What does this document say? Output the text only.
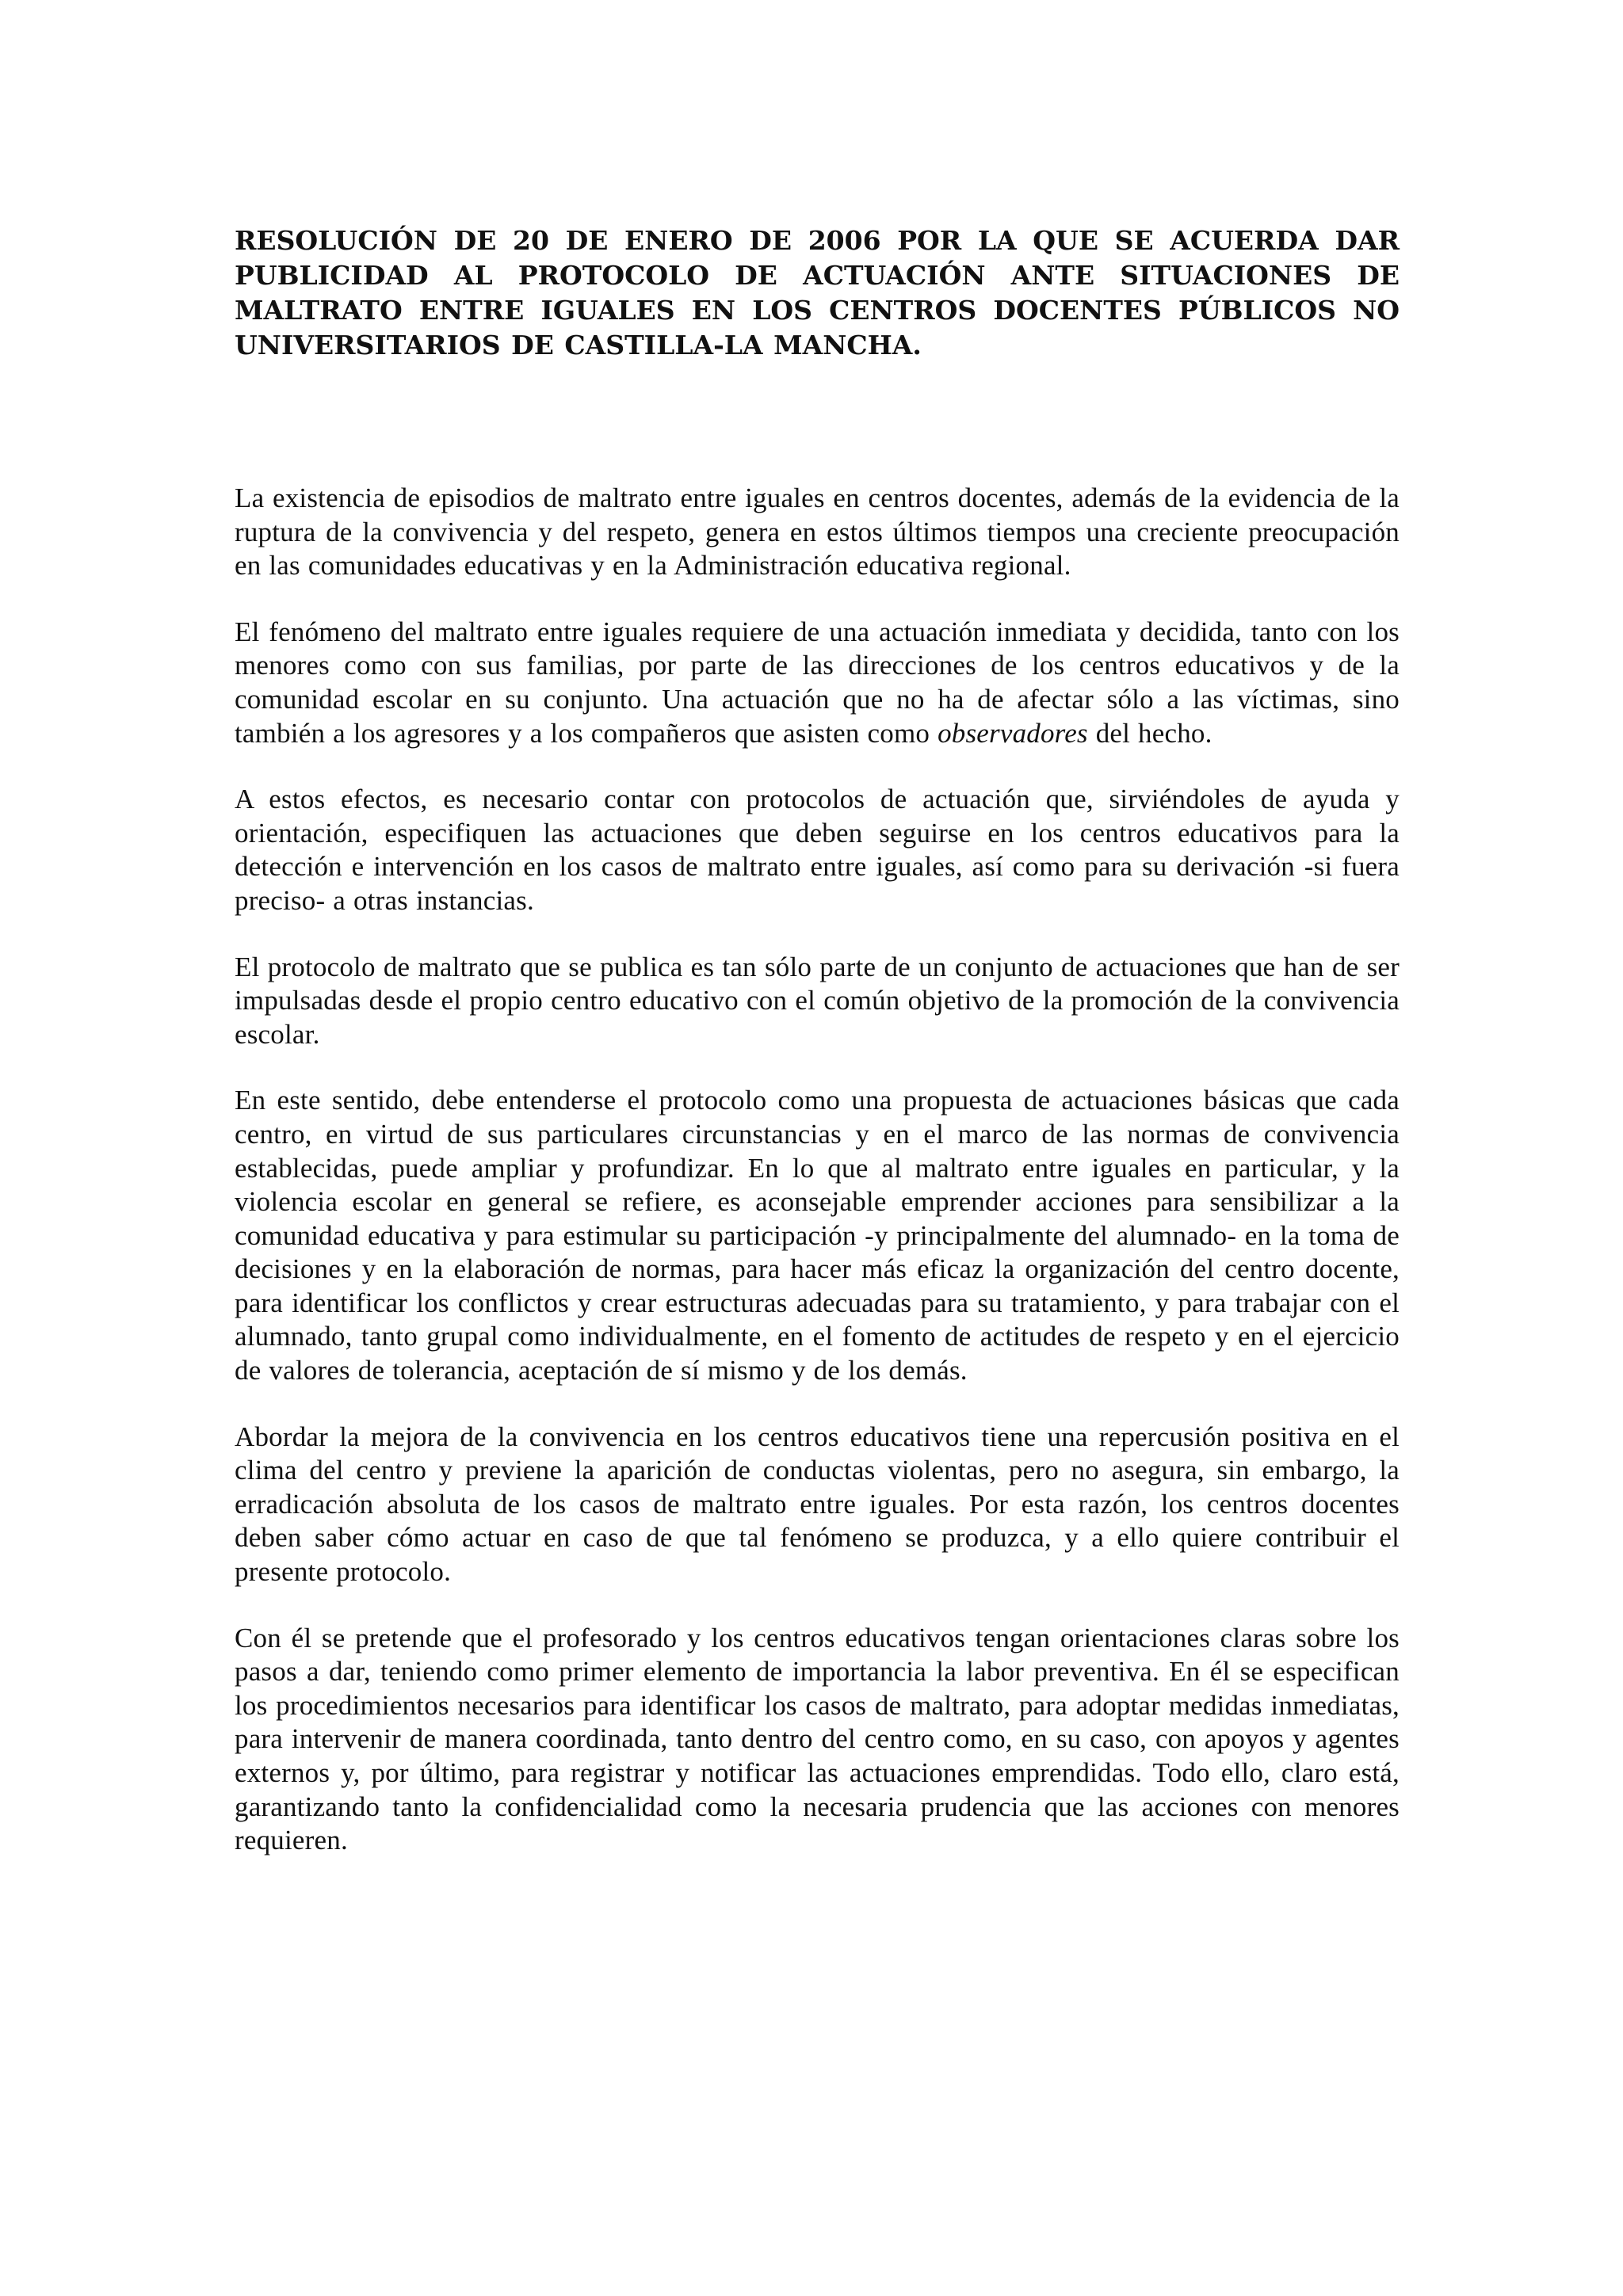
RESOLUCIÓN DE 20 DE ENERO DE 2006 POR LA QUE SE ACUERDA DAR PUBLICIDAD AL PROTOCOLO DE ACTUACIÓN ANTE SITUACIONES DE MALTRATO ENTRE IGUALES EN LOS CENTROS DOCENTES PÚBLICOS NO UNIVERSITARIOS DE CASTILLA-LA MANCHA.

La existencia de episodios de maltrato entre iguales en centros docentes, además de la evidencia de la ruptura de la convivencia y del respeto, genera en estos últimos tiempos una creciente preocupación en las comunidades educativas y en la Administración educativa regional.

El fenómeno del maltrato entre iguales requiere de una actuación inmediata y decidida, tanto con los menores como con sus familias, por parte de las direcciones de los centros educativos y de la comunidad escolar en su conjunto. Una actuación que no ha de afectar sólo a las víctimas, sino también a los agresores y a los compañeros que asisten como observadores del hecho.

A estos efectos, es necesario contar con protocolos de actuación que, sirviéndoles de ayuda y orientación, especifiquen las actuaciones que deben seguirse en los centros educativos para la detección e intervención en los casos de maltrato entre iguales, así como para su derivación -si fuera preciso- a otras instancias.

El protocolo de maltrato que se publica es tan sólo parte de un conjunto de actuaciones que han de ser impulsadas desde el propio centro educativo con el común objetivo de la promoción de la convivencia escolar.

En este sentido, debe entenderse el protocolo como una propuesta de actuaciones básicas que cada centro, en virtud de sus particulares circunstancias y en el marco de las normas de convivencia establecidas, puede ampliar y profundizar. En lo que al maltrato entre iguales en particular, y la violencia escolar en general se refiere, es aconsejable emprender acciones para sensibilizar a la comunidad educativa y para estimular su participación -y principalmente del alumnado- en la toma de decisiones y en la elaboración de normas, para hacer más eficaz la organización del centro docente, para identificar los conflictos y crear estructuras adecuadas para su tratamiento, y para trabajar con el alumnado, tanto grupal como individualmente, en el fomento de actitudes de respeto y en el ejercicio de valores de tolerancia, aceptación de sí mismo y de los demás.

Abordar la mejora de la convivencia en los centros educativos tiene una repercusión positiva en el clima del centro y previene la aparición de conductas violentas, pero no asegura, sin embargo, la erradicación absoluta de los casos de maltrato entre iguales. Por esta razón, los centros docentes deben saber cómo actuar en caso de que tal fenómeno se produzca, y a ello quiere contribuir el presente protocolo.

Con él se pretende que el profesorado y los centros educativos tengan orientaciones claras sobre los pasos a dar, teniendo como primer elemento de importancia la labor preventiva. En él se especifican los procedimientos necesarios para identificar los casos de maltrato, para adoptar medidas inmediatas, para intervenir de manera coordinada, tanto dentro del centro como, en su caso, con apoyos y agentes externos y, por último, para registrar y notificar las actuaciones emprendidas. Todo ello, claro está, garantizando tanto la confidencialidad como la necesaria prudencia que las acciones con menores requieren.
